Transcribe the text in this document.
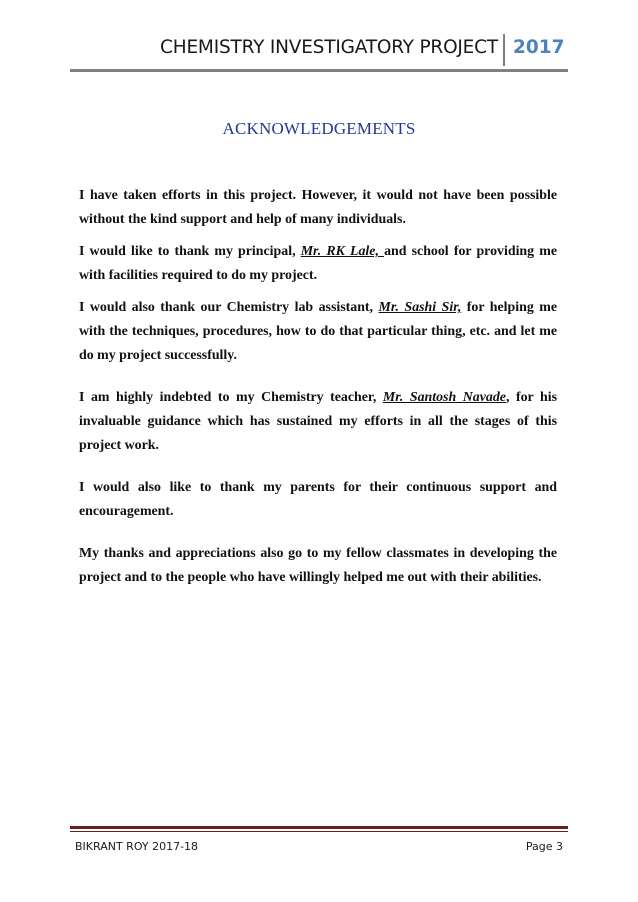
CHEMISTRY INVESTIGATORY PROJECT 2017
ACKNOWLEDGEMENTS

I have taken efforts in this project. However, it would not have been possible without the kind support and help of many individuals.

I would like to thank my principal, Mr. RK Lale, and school for providing me with facilities required to do my project.

I would also thank our Chemistry lab assistant, Mr. Sashi Sir, for helping me with the techniques, procedures, how to do that particular thing, etc. and let me do my project successfully.

I am highly indebted to my Chemistry teacher, Mr. Santosh Navade, for his invaluable guidance which has sustained my efforts in all the stages of this project work.

I would also like to thank my parents for their continuous support and encouragement.

My thanks and appreciations also go to my fellow classmates in developing the project and to the people who have willingly helped me out with their abilities.

BIKRANT ROY 2017-18	Page 3
